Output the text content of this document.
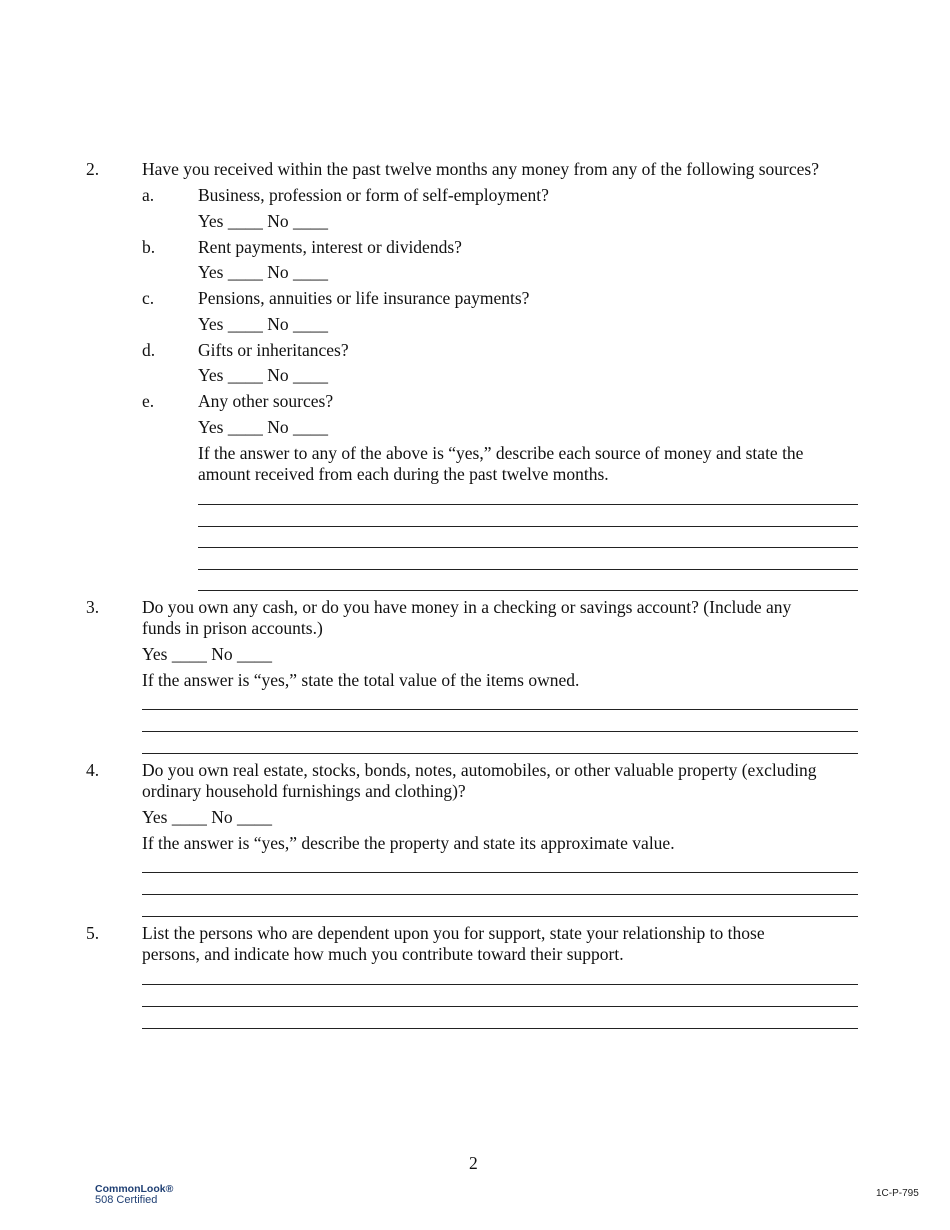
2. Have you received within the past twelve months any money from any of the following sources?
a.	Business, profession or form of self-employment?
Yes ____ No ____
b. Rent payments, interest or dividends?
Yes ____ No ____
c.	Pensions, annuities or life insurance payments?
Yes ____ No ____
d. Gifts or inheritances?
Yes ____ No ____
e.	Any other sources?
Yes ____ No ____
If the answer to any of the above is “yes,” describe each source of money and state the
amount received from each during the past twelve months.
3. Do you own any cash, or do you have money in a checking or savings account? (Include any
funds in prison accounts.)
Yes ____ No ____
If the answer is “yes,” state the total value of the items owned.
4. Do you own real estate, stocks, bonds, notes, automobiles, or other valuable property (excluding
ordinary household furnishings and clothing)?
Yes ____ No ____
If the answer is “yes,” describe the property and state its approximate value.
5. List the persons who are dependent upon you for support, state your relationship to those
persons, and indicate how much you contribute toward their support.
2
CommonLook®
508 Certified
1C-P-795
